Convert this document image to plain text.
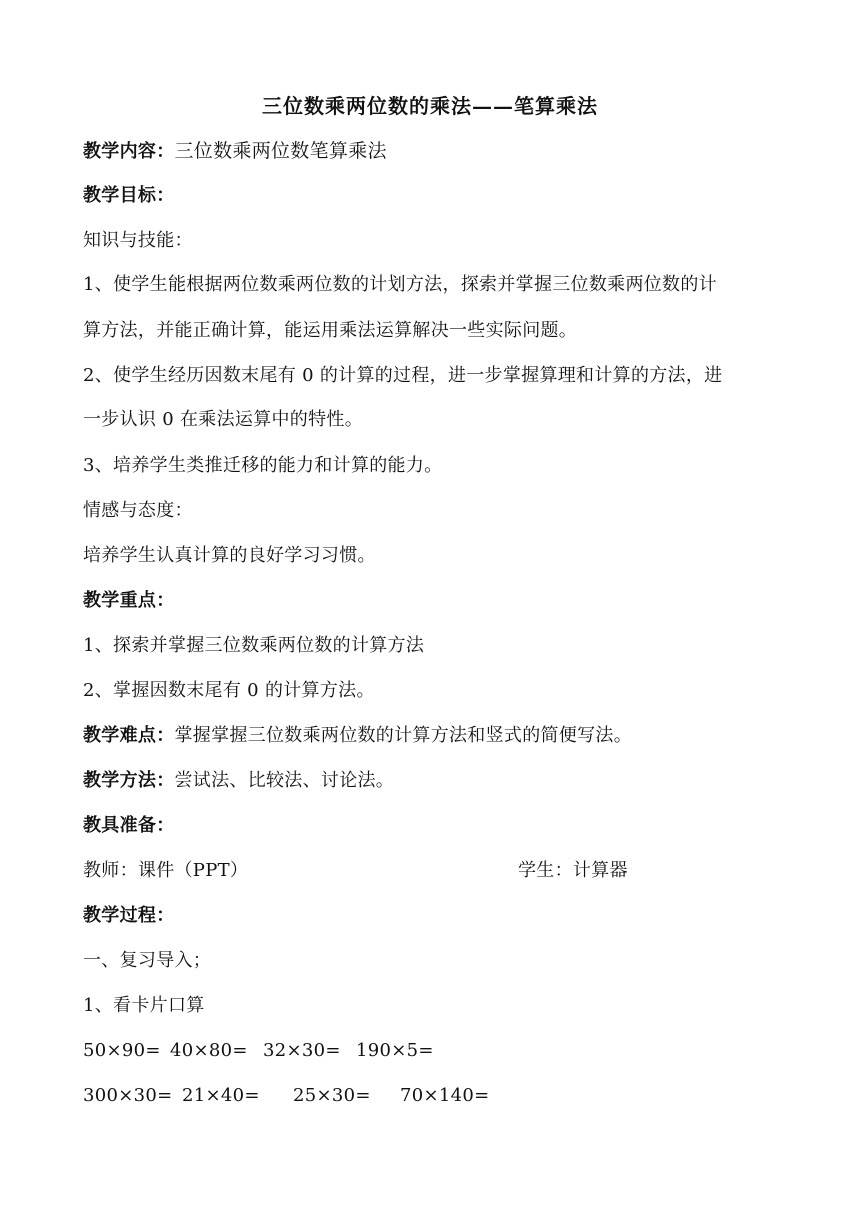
三位数乘两位数的乘法——笔算乘法
教学内容：三位数乘两位数笔算乘法
教学目标：
知识与技能：
1、使学生能根据两位数乘两位数的计划方法，探索并掌握三位数乘两位数的计
算方法，并能正确计算，能运用乘法运算解决一些实际问题。
2、使学生经历因数末尾有 0 的计算的过程，进一步掌握算理和计算的方法，进
一步认识 0 在乘法运算中的特性。
3、培养学生类推迁移的能力和计算的能力。
情感与态度：
培养学生认真计算的良好学习习惯。
教学重点：
1、探索并掌握三位数乘两位数的计算方法
2、掌握因数末尾有 0 的计算方法。
教学难点：掌握掌握三位数乘两位数的计算方法和竖式的简便写法。
教学方法：尝试法、比较法、讨论法。
教具准备：
教师：课件（PPT）	学生：计算器
教学过程：
一、复习导入；
1、看卡片口算
50×90= 40×80= 32×30= 190×5=
300×30= 21×40= 25×30= 70×140=
